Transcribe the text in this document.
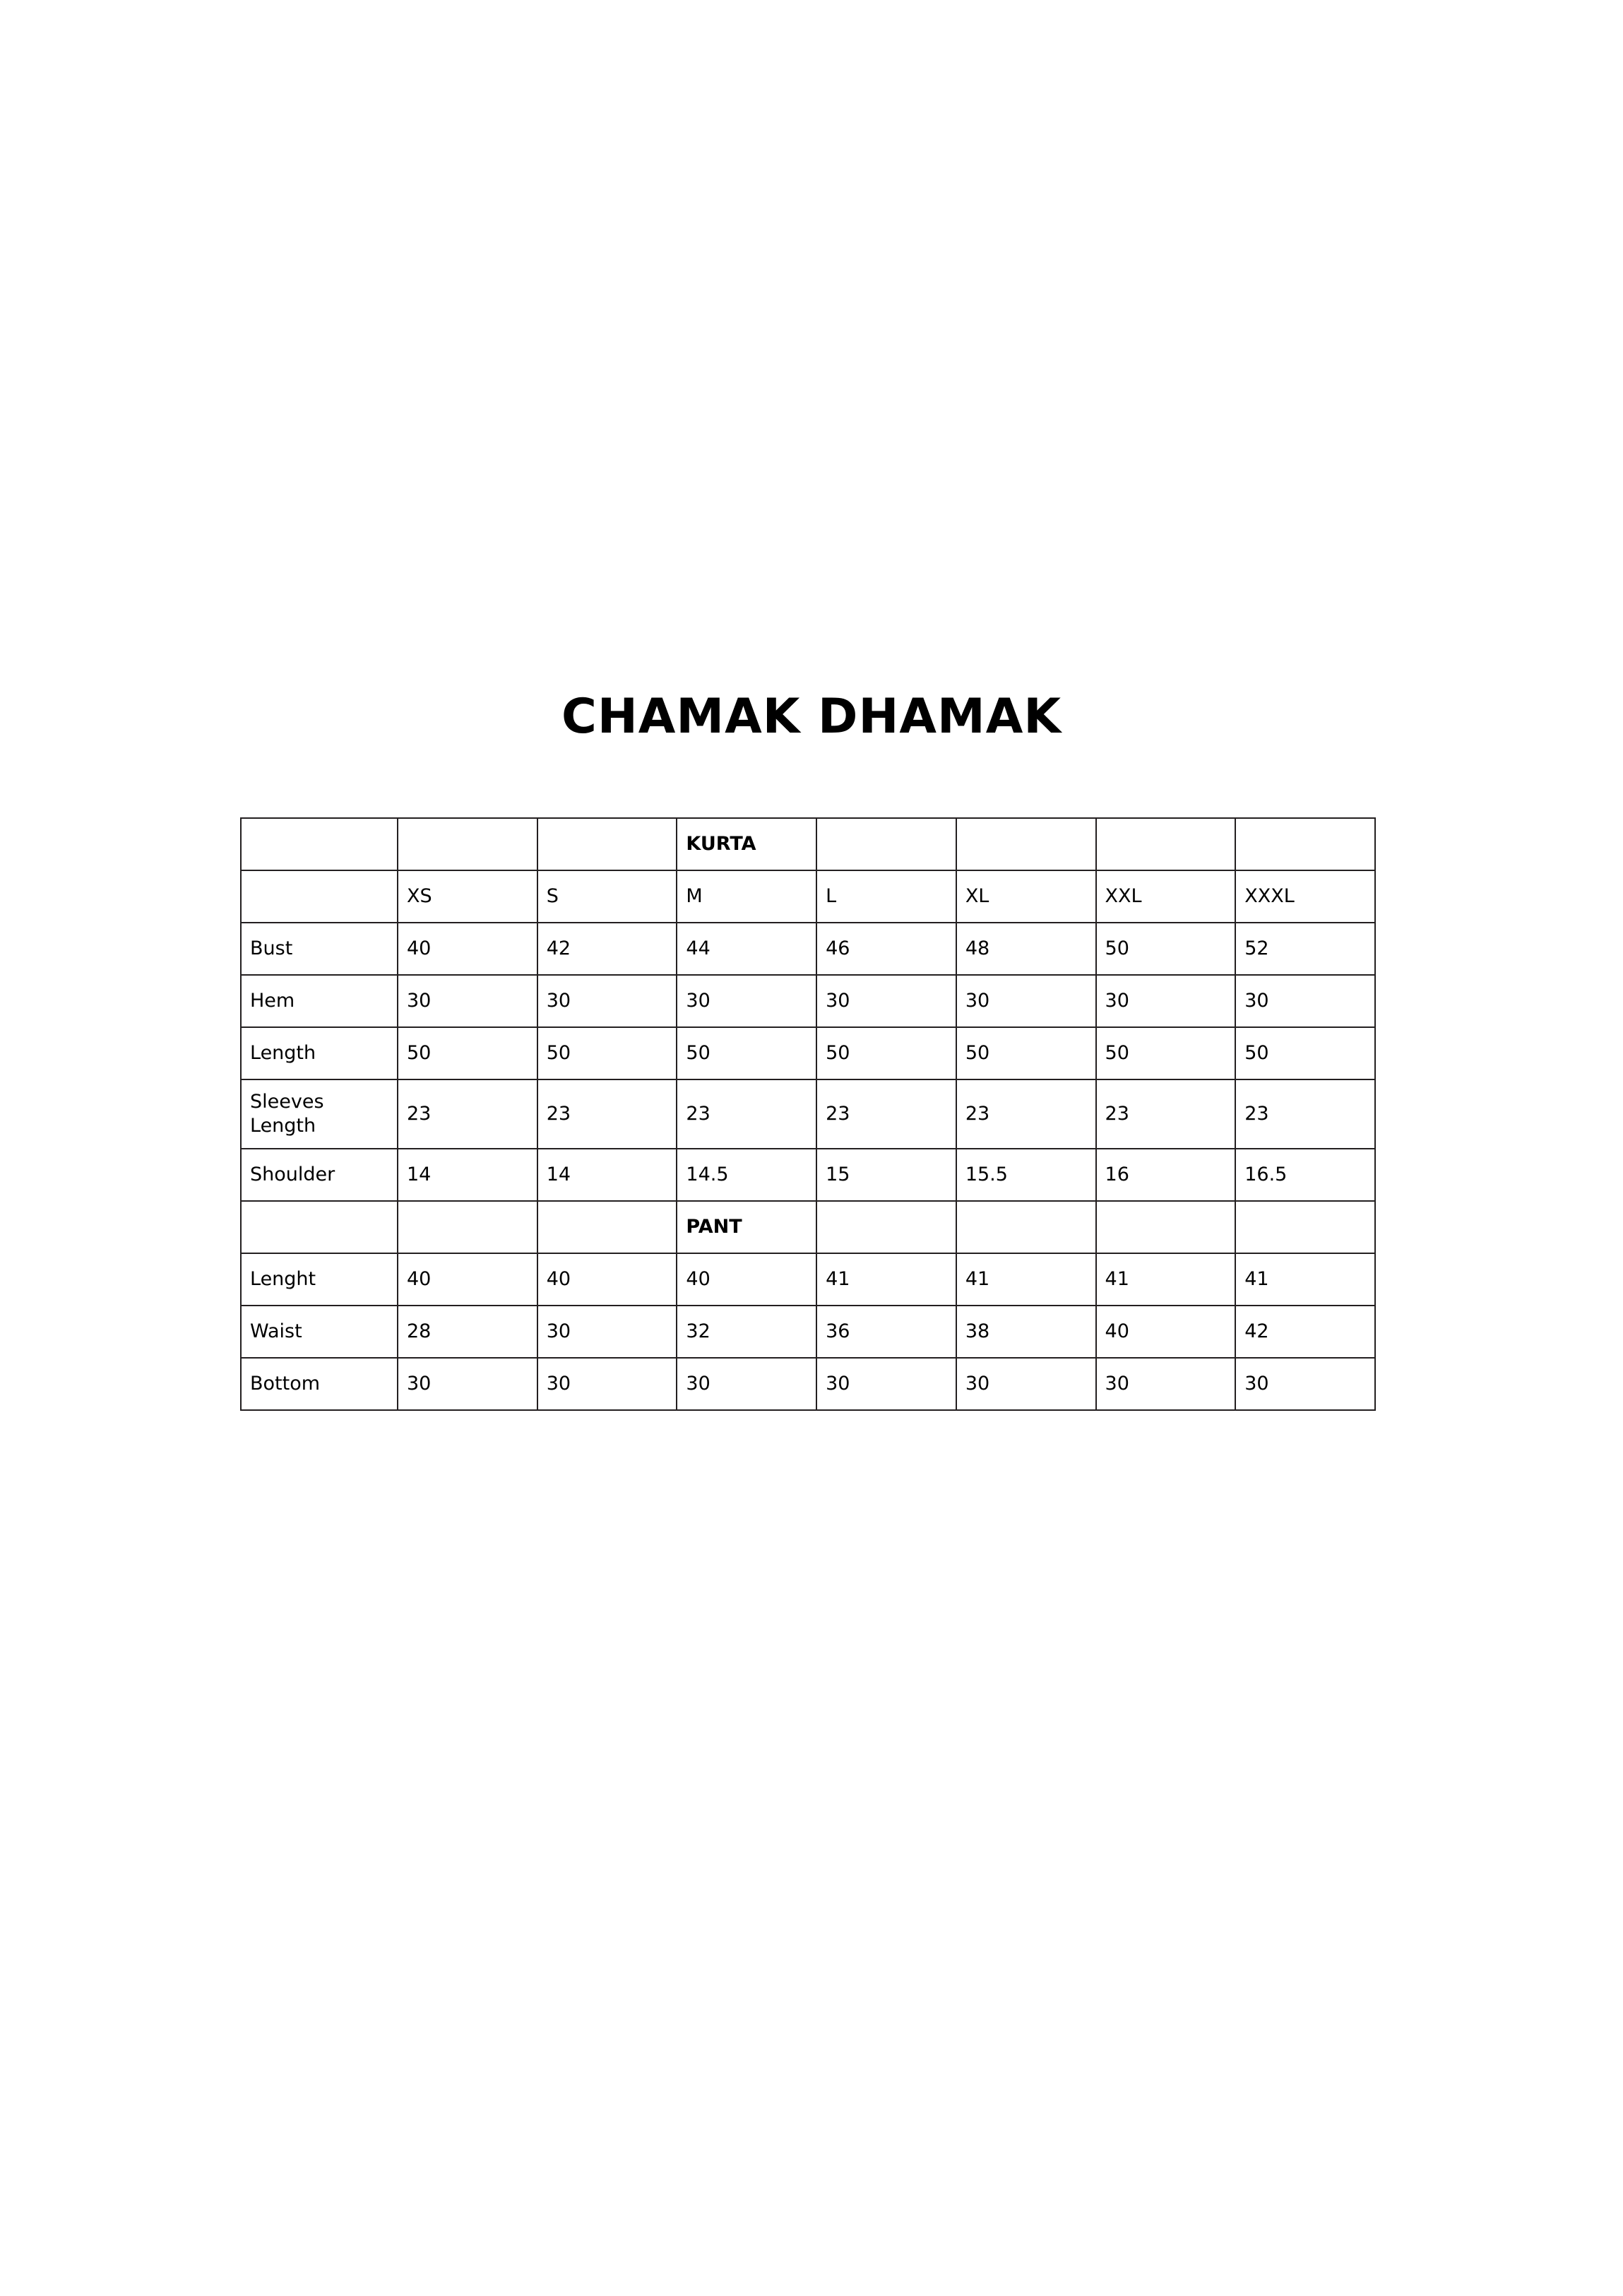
CHAMAK DHAMAK
			KURTA				
	XS	S	M	L	XL	XXL	XXXL
Bust	40	42	44	46	48	50	52
Hem	30	30	30	30	30	30	30
Length	50	50	50	50	50	50	50
Sleeves Length	23	23	23	23	23	23	23
Shoulder	14	14	14.5	15	15.5	16	16.5
			PANT				
Lenght	40	40	40	41	41	41	41
Waist	28	30	32	36	38	40	42
Bottom	30	30	30	30	30	30	30
